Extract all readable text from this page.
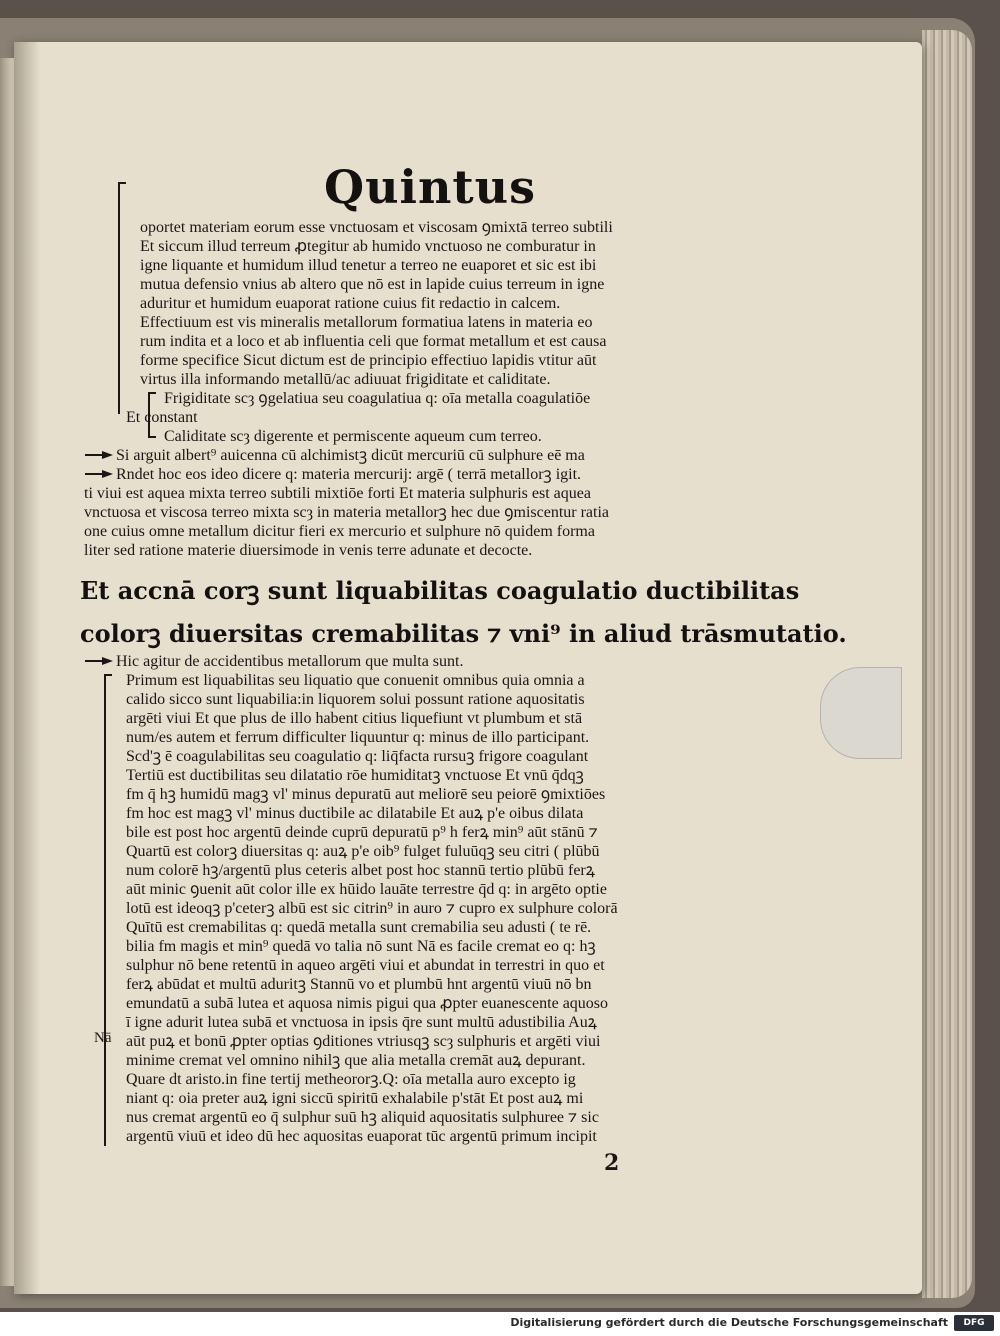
Quintus
oportet materiam eorum esse vnctuosam et viscosam ꝯmixtā terreo subtili
Et siccum illud terreum ꝓtegitur ab humido vnctuoso ne comburatur in
igne liquante et humidum illud tenetur a terreo ne euaporet et sic est ibi
mutua defensio vnius ab altero que nō est in lapide cuius terreum in igne
aduritur et humidum euaporat ratione cuius fit redactio in calcem.
Effectiuum est vis mineralis metallorum formatiua latens in materia eo
rum indita et a loco et ab influentia celi que format metallum et est causa
forme specifice Sicut dictum est de principio effectiuo lapidis vtitur aūt
virtus illa informando metallū/ac adiuuat frigiditate et caliditate.
Frigiditate scȝ ꝯgelatiua seu coagulatiua q: oīa metalla coagulatiōe
Et constant
Caliditate scȝ digerente et permiscente aqueum cum terreo.
Si arguit albert⁹ auicenna cū alchimistꝫ dicūt mercuriū cū sulphure eē ma
Rndet hoc eos ideo dicere q: materia mercurij: argē ( terrā metallorꝫ igit.
ti viui est aquea mixta terreo subtili mixtiōe forti Et materia sulphuris est aquea
vnctuosa et viscosa terreo mixta scȝ in materia metallorꝫ hec due ꝯmiscentur ratia
one cuius omne metallum dicitur fieri ex mercurio et sulphure nō quidem forma
liter sed ratione materie diuersimode in venis terre adunate et decocte.
Et accnā corꝫ sunt liquabilitas coagulatio ductibilitas
colorꝫ diuersitas cremabilitas ⁊ vni⁹ in aliud trāsmutatio.
Hic agitur de accidentibus metallorum que multa sunt.
Primum est liquabilitas seu liquatio que conuenit omnibus quia omnia a
calido sicco sunt liquabilia:in liquorem solui possunt ratione aquositatis
argēti viui Et que plus de illo habent citius liquefiunt vt plumbum et stā
num/es autem et ferrum difficulter liquuntur q: minus de illo participant.
Scd'ꝫ ē coagulabilitas seu coagulatio q: liq̄facta rursuꝫ frigore coagulant
Tertiū est ductibilitas seu dilatatio rōe humiditatꝫ vnctuose Et vnū q̄dqꝫ
fm q̄ hꝫ humidū magꝫ vl' minus depuratū aut meliorē seu peiorē ꝯmixtiōes
fm hoc est magꝫ vl' minus ductibile ac dilatabile Et auꝝ p'e oibus dilata
bile est post hoc argentū deinde cuprū depuratū p⁹ h ferꝝ min⁹ aūt stānū ⁊
Quartū est colorꝫ diuersitas q: auꝝ p'e oib⁹ fulget fuluūqꝫ seu citri ( plūbū
num colorē hꝫ/argentū plus ceteris albet post hoc stannū tertio plūbū ferꝝ
aūt minic ꝯuenit aūt color ille ex hūido lauāte terrestre q̄d q: in argēto optie
lotū est ideoqꝫ p'ceterꝫ albū est sic citrin⁹ in auro ⁊ cupro ex sulphure colorā
Quītū est cremabilitas q: quedā metalla sunt cremabilia seu adusti ( te rē.
bilia fm magis et min⁹ quedā vo talia nō sunt Nā es facile cremat eo q: hꝫ
sulphur nō bene retentū in aqueo argēti viui et abundat in terrestri in quo et
ferꝝ abūdat et multū aduritꝫ Stannū vo et plumbū hnt argentū viuū nō bn
emundatū a subā lutea et aquosa nimis pigui qua ꝓpter euanescente aquoso
ī igne adurit lutea subā et vnctuosa in ipsis q̄re sunt multū adustibilia Auꝝ
aūt puꝝ et bonū ꝓpter optias ꝯditiones vtriusqꝫ scȝ sulphuris et argēti viui
minime cremat vel omnino nihilꝫ que alia metalla cremāt auꝝ depurant.
Quare dt aristo.in fine tertij metheororꝫ.Q: oīa metalla auro excepto ig
niant q: oia preter auꝝ igni siccū spiritū exhalabile p'stāt Et post auꝝ mi
nus cremat argentū eo q̄ sulphur suū hꝫ aliquid aquositatis sulphuree ⁊ sic
argentū viuū et ideo dū hec aquositas euaporat tūc argentū primum incipit
Nā
2
Digitalisierung gefördert durch die Deutsche Forschungsgemeinschaft	DFG
